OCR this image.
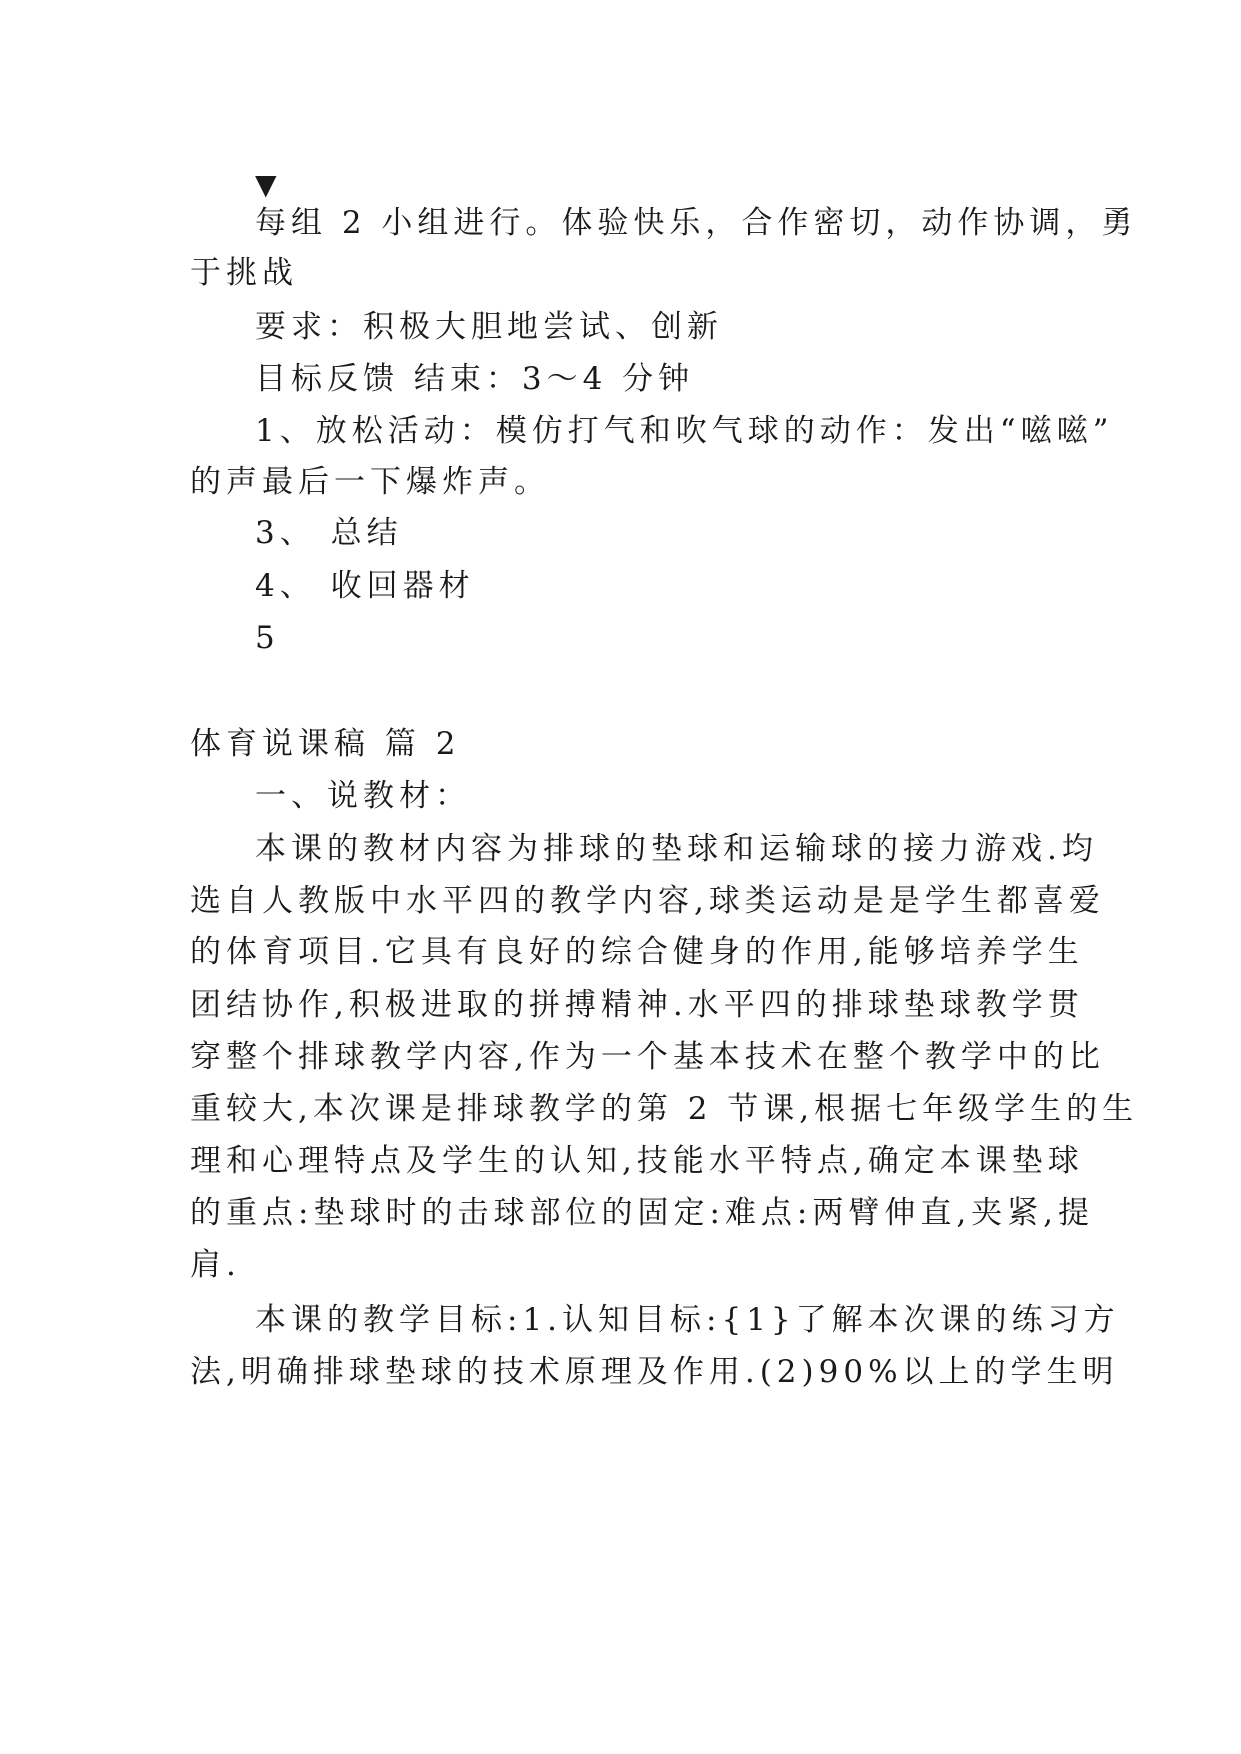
▼
每组 2 小组进行。体验快乐，合作密切，动作协调，勇
于挑战
要求：积极大胆地尝试、创新
目标反馈 结束：3～4 分钟
1、放松活动：模仿打气和吹气球的动作：发出“嗞嗞”
的声最后一下爆炸声。
3、 总结
4、 收回器材
5
体育说课稿 篇 2
一、说教材：
本课的教材内容为排球的垫球和运输球的接力游戏.均
选自人教版中水平四的教学内容,球类运动是是学生都喜爱
的体育项目.它具有良好的综合健身的作用,能够培养学生
团结协作,积极进取的拼搏精神.水平四的排球垫球教学贯
穿整个排球教学内容,作为一个基本技术在整个教学中的比
重较大,本次课是排球教学的第 2 节课,根据七年级学生的生
理和心理特点及学生的认知,技能水平特点,确定本课垫球
的重点:垫球时的击球部位的固定:难点:两臂伸直,夹紧,提
肩.
本课的教学目标:1.认知目标:{1}了解本次课的练习方
法,明确排球垫球的技术原理及作用.(2)90%以上的学生明
